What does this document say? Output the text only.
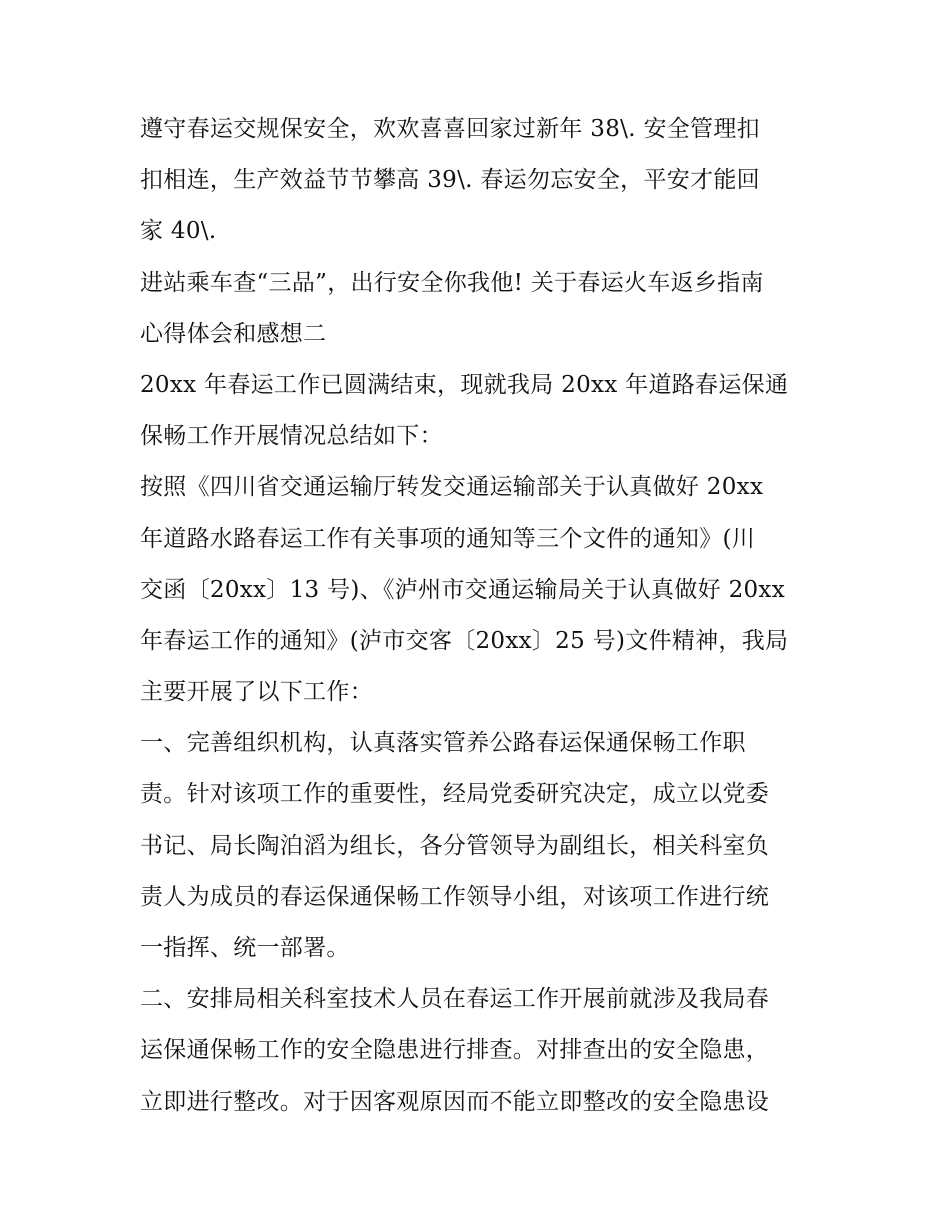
遵守春运交规保安全，欢欢喜喜回家过新年 38\. 安全管理扣
扣相连，生产效益节节攀高 39\. 春运勿忘安全，平安才能回
家 40\.
进站乘车查“三品”，出行安全你我他! 关于春运火车返乡指南
心得体会和感想二
20xx 年春运工作已圆满结束，现就我局 20xx 年道路春运保通
保畅工作开展情况总结如下：
按照《四川省交通运输厅转发交通运输部关于认真做好 20xx
年道路水路春运工作有关事项的通知等三个文件的通知》(川
交函〔20xx〕13 号)、《泸州市交通运输局关于认真做好 20xx
年春运工作的通知》(泸市交客〔20xx〕25 号)文件精神，我局
主要开展了以下工作：
一、完善组织机构，认真落实管养公路春运保通保畅工作职
责。针对该项工作的重要性，经局党委研究决定，成立以党委
书记、局长陶泊滔为组长，各分管领导为副组长，相关科室负
责人为成员的春运保通保畅工作领导小组，对该项工作进行统
一指挥、统一部署。
二、安排局相关科室技术人员在春运工作开展前就涉及我局春
运保通保畅工作的安全隐患进行排查。对排查出的安全隐患，
立即进行整改。对于因客观原因而不能立即整改的安全隐患设
